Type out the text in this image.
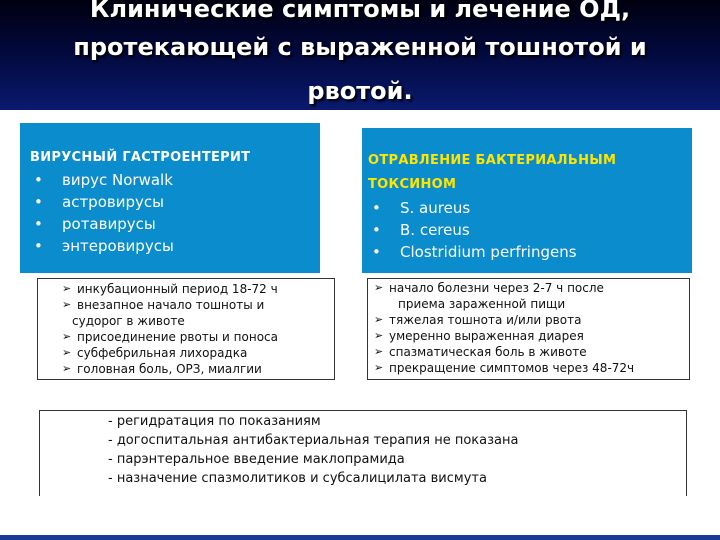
Клинические симптомы и лечение ОД,
протекающей с выраженной тошнотой и
рвотой.
ВИРУСНЫЙ ГАСТРОЕНТЕРИТ
• вирус Norwalk
• астровирусы
• ротавирусы
• энтеровирусы
ОТРАВЛЕНИЕ БАКТЕРИАЛЬНЫМ
ТОКСИНОМ
• S. aureus
• B. cereus
• Clostridium perfringens
➢ инкубационный период 18-72 ч
➢ внезапное начало тошноты и
судорог в животе
➢ присоединение рвоты и поноса
➢ субфебрильная лихорадка
➢ головная боль, ОРЗ, миалгии
➢ начало болезни через 2-7 ч после
приема зараженной пищи
➢ тяжелая тошнота и/или рвота
➢ умеренно выраженная диарея
➢ спазматическая боль в животе
➢ прекращение симптомов через 48-72ч
- регидратация по показаниям
- догоспитальная антибактериальная терапия не показана
- парэнтеральное введение маклопрамида
- назначение спазмолитиков и субсалицилата висмута
